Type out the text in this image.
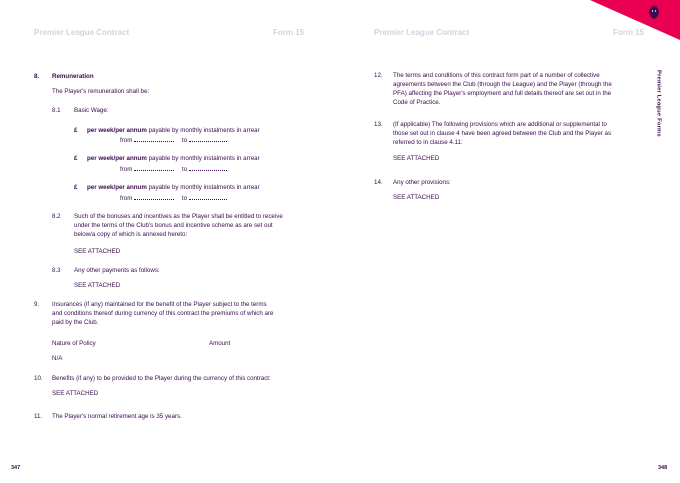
Premier League Contract	Form 15
8. Remuneration
The Player's remuneration shall be:
8.1 Basic Wage:
£ per week/per annum payable by monthly instalments in arrear
from	to
£ per week/per annum payable by monthly instalments in arrear
from	to
£ per week/per annum payable by monthly instalments in arrear
from	to
8.2 Such of the bonuses and incentives as the Player shall be entitled to receive
under the terms of the Club's bonus and incentive scheme as are set out
below/a copy of which is annexed hereto:
SEE ATTACHED
8.3 Any other payments as follows:
SEE ATTACHED
9. Insurances (if any) maintained for the benefit of the Player subject to the terms
and conditions thereof during currency of this contract the premiums of which are
paid by the Club.
Nature of Policy	Amount
N/A
10. Benefits (if any) to be provided to the Player during the currency of this contract:
SEE ATTACHED
11. The Player's normal retirement age is 35 years.
347
Premier League Contract	Form 15
12. The terms and conditions of this contract form part of a number of collective
agreements between the Club (through the League) and the Player (through the
PFA) affecting the Player's employment and full details thereof are set out in the
Code of Practice.
13. (If applicable) The following provisions which are additional or supplemental to
those set out in clause 4 have been agreed between the Club and the Player as
referred to in clause 4.11:
SEE ATTACHED
14. Any other provisions:
SEE ATTACHED
348
Premier League Forms
